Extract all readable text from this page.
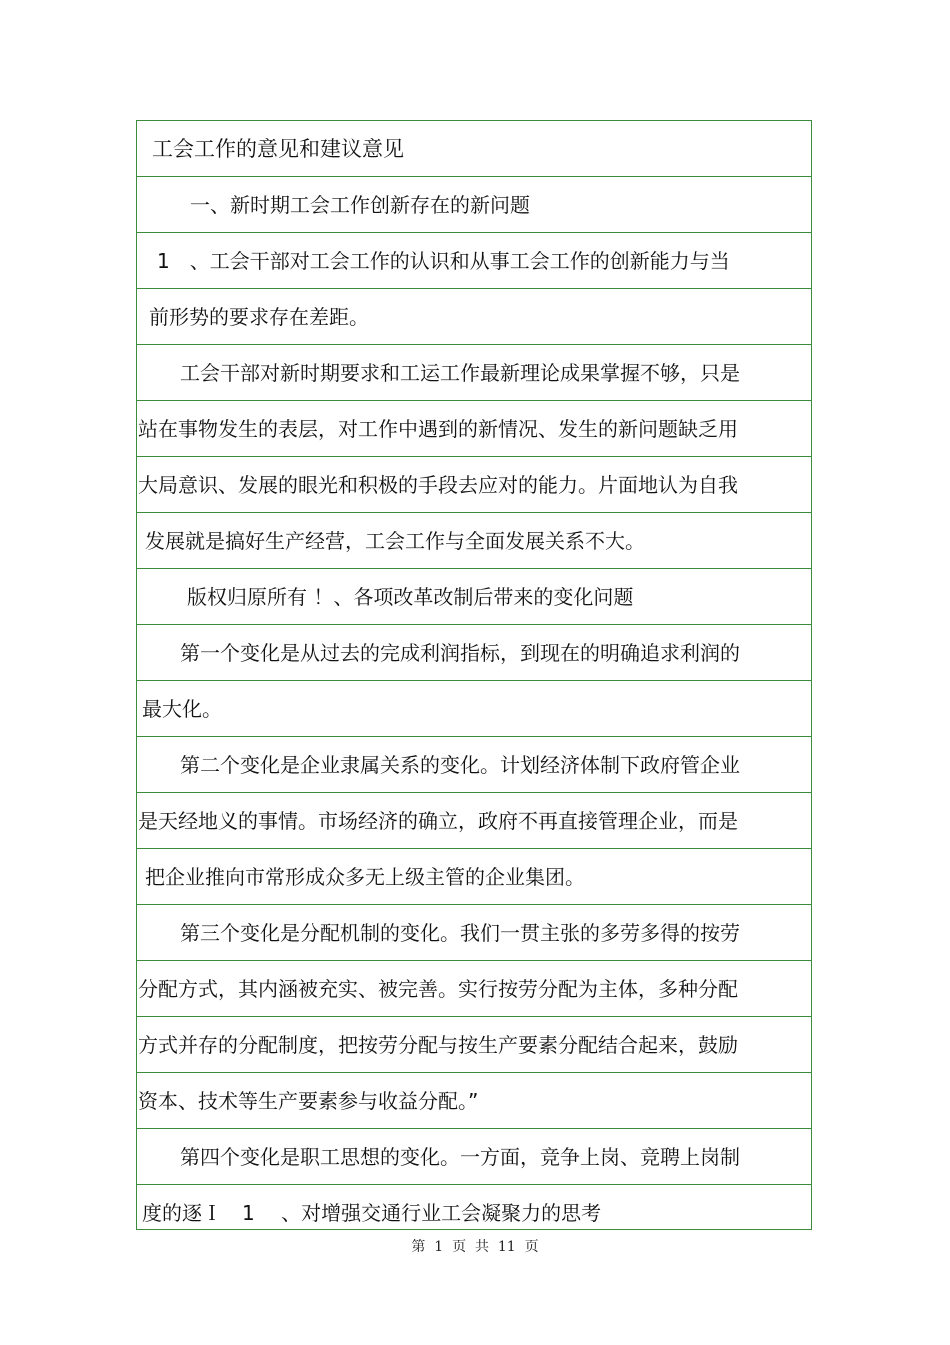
工会工作的意见和建议意见
一、新时期工会工作创新存在的新问题
1　、工会干部对工会工作的认识和从事工会工作的创新能力与当
前形势的要求存在差距。
工会干部对新时期要求和工运工作最新理论成果掌握不够，只是
站在事物发生的表层，对工作中遇到的新情况、发生的新问题缺乏用
大局意识、发展的眼光和积极的手段去应对的能力。片面地认为自我
发展就是搞好生产经营，工会工作与全面发展关系不大。
版权归原所有 ！、各项改革改制后带来的变化问题
第一个变化是从过去的完成利润指标，到现在的明确追求利润的
最大化。
第二个变化是企业隶属关系的变化。计划经济体制下政府管企业
是天经地义的事情。市场经济的确立，政府不再直接管理企业，而是
把企业推向市常形成众多无上级主管的企业集团。
第三个变化是分配机制的变化。我们一贯主张的多劳多得的按劳
分配方式，其内涵被充实、被完善。实行按劳分配为主体，多种分配
方式并存的分配制度，把按劳分配与按生产要素分配结合起来，鼓励
资本、技术等生产要素参与收益分配。”
第四个变化是职工思想的变化。一方面，竞争上岗、竞聘上岗制
度的逐Ｉ　1　 、对增强交通行业工会凝聚力的思考
第  1  页  共  11  页
